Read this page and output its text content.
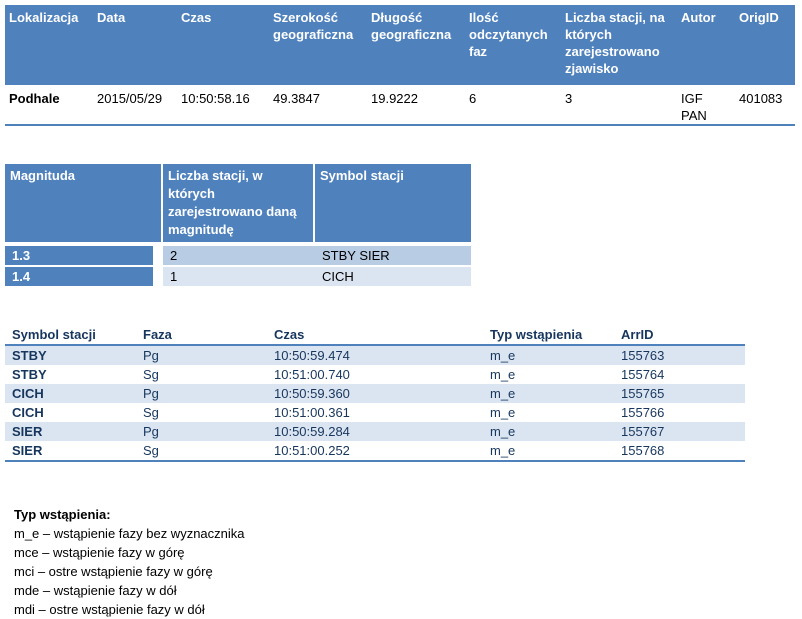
Lokalizacja	Data	Czas	Szerokość geograficzna	Długość geograficzna	Ilość odczytanych faz	Liczba stacji, na których zarejestrowano zjawisko	Autor	OrigID
Podhale	2015/05/29	10:50:58.16	49.3847	19.9222	6	3	IGF PAN	401083
Magnituda	Liczba stacji, w których zarejestrowano daną magnitudę	Symbol stacji
1.3	2	STBY SIER
1.4	1	CICH
Symbol stacji	Faza	Czas	Typ wstąpienia	ArrID
STBY	Pg	10:50:59.474	m_e	155763
STBY	Sg	10:51:00.740	m_e	155764
CICH	Pg	10:50:59.360	m_e	155765
CICH	Sg	10:51:00.361	m_e	155766
SIER	Pg	10:50:59.284	m_e	155767
SIER	Sg	10:51:00.252	m_e	155768
Typ wstąpienia:
m_e – wstąpienie fazy bez wyznacznika
mce – wstąpienie fazy w górę
mci – ostre wstąpienie fazy w górę
mde – wstąpienie fazy w dół
mdi – ostre wstąpienie fazy w dół
